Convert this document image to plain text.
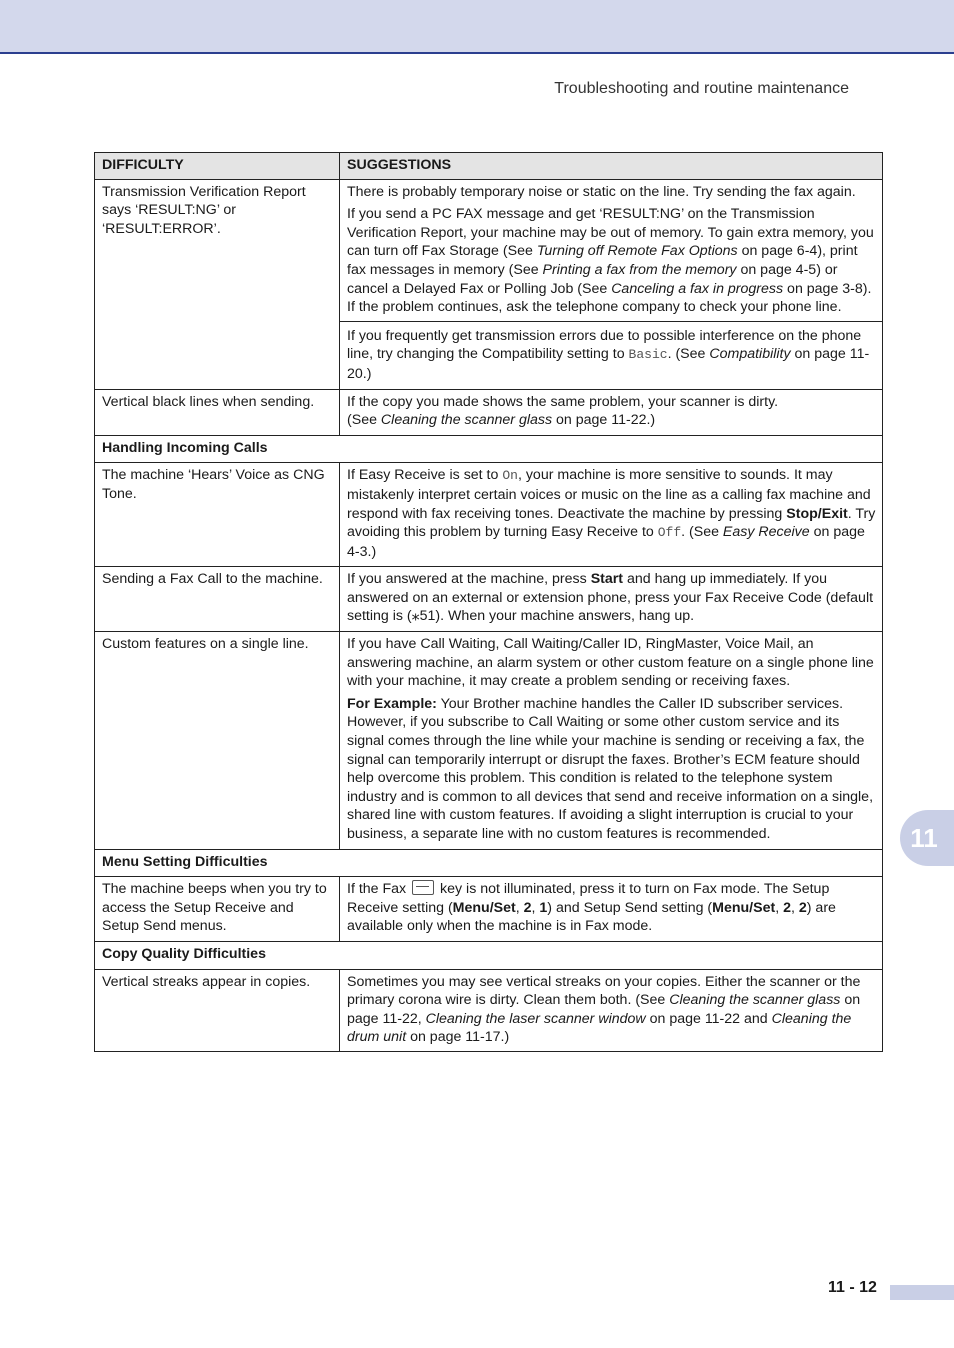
Troubleshooting and routine maintenance
11
DIFFICULTY	SUGGESTIONS
Transmission Verification Report says ‘RESULT:NG’ or ‘RESULT:ERROR’.	There is probably temporary noise or static on the line. Try sending the fax again.

If you send a PC FAX message and get ‘RESULT:NG’ on the Transmission Verification Report, your machine may be out of memory. To gain extra memory, you can turn off Fax Storage (See Turning off Remote Fax Options on page 6-4), print fax messages in memory (See Printing a fax from the memory on page 4-5) or cancel a Delayed Fax or Polling Job (See Canceling a fax in progress on page 3-8). If the problem continues, ask the telephone company to check your phone line.

If you frequently get transmission errors due to possible interference on the phone line, try changing the Compatibility setting to Basic. (See Compatibility on page 11-20.)

Vertical black lines when sending.	If the copy you made shows the same problem, your scanner is dirty.
(See Cleaning the scanner glass on page 11-22.)
Handling Incoming Calls	
The machine ‘Hears’ Voice as CNG Tone.	If Easy Receive is set to On, your machine is more sensitive to sounds. It may mistakenly interpret certain voices or music on the line as a calling fax machine and respond with fax receiving tones. Deactivate the machine by pressing Stop/Exit. Try avoiding this problem by turning Easy Receive to Off. (See Easy Receive on page 4-3.)
Sending a Fax Call to the machine.	If you answered at the machine, press Start and hang up immediately. If you answered on an external or extension phone, press your Fax Receive Code (default setting is (⁎51). When your machine answers, hang up.
Custom features on a single line.	If you have Call Waiting, Call Waiting/Caller ID, RingMaster, Voice Mail, an answering machine, an alarm system or other custom feature on a single phone line with your machine, it may create a problem sending or receiving faxes.

For Example: Your Brother machine handles the Caller ID subscriber services. However, if you subscribe to Call Waiting or some other custom service and its signal comes through the line while your machine is sending or receiving a fax, the signal can temporarily interrupt or disrupt the faxes. Brother’s ECM feature should help overcome this problem. This condition is related to the telephone system industry and is common to all devices that send and receive information on a single, shared line with custom features. If avoiding a slight interruption is crucial to your business, a separate line with no custom features is recommended.

Menu Setting Difficulties	
The machine beeps when you try to access the Setup Receive and Setup Send menus.	If the Fax  key is not illuminated, press it to turn on Fax mode. The Setup Receive setting (Menu/Set, 2, 1) and Setup Send setting (Menu/Set, 2, 2) are available only when the machine is in Fax mode.
Copy Quality Difficulties	
Vertical streaks appear in copies.	Sometimes you may see vertical streaks on your copies. Either the scanner or the primary corona wire is dirty. Clean them both. (See Cleaning the scanner glass on page 11-22, Cleaning the laser scanner window on page 11-22 and Cleaning the drum unit on page 11-17.)
11 - 12
